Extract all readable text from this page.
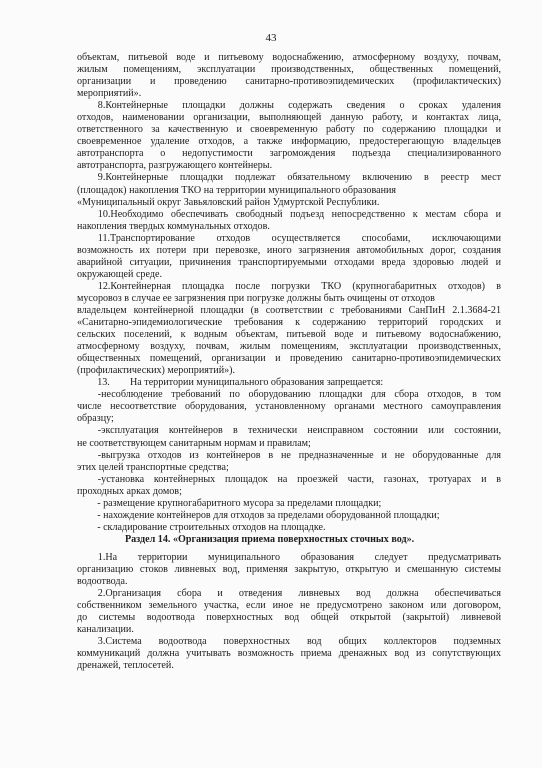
43
объектам, питьевой воде и питьевому водоснабжению, атмосферному воздуху, почвам,
жилым помещениям, эксплуатации производственных, общественных помещений,
организации и проведению санитарно-противоэпидемических (профилактических)
мероприятий».
8.Контейнерные площадки должны содержать сведения о сроках удаления
отходов, наименовании организации, выполняющей данную работу, и контактах лица,
ответственного за качественную и своевременную работу по содержанию площадки и
своевременное удаление отходов, а также информацию, предостерегающую владельцев
автотранспорта о недопустимости загромождения подъезда специализированного
автотранспорта, разгружающего контейнеры.
9.Контейнерные площадки подлежат обязательному включению в реестр мест
(площадок) накопления ТКО на территории муниципального образования
«Муниципальный округ Завьяловский район Удмуртской Республики.
10.Необходимо обеспечивать свободный подъезд непосредственно к местам сбора и
накопления твердых коммунальных отходов.
11.Транспортирование отходов осуществляется способами, исключающими
возможность их потери при перевозке, иного загрязнения автомобильных дорог, создания
аварийной ситуации, причинения транспортируемыми отходами вреда здоровью людей и
окружающей среде.
12.Контейнерная площадка после погрузки ТКО (крупногабаритных отходов) в
мусоровоз в случае ее загрязнения при погрузке должны быть очищены от отходов
владельцем контейнерной площадки (в соответствии с требованиями СанПиН 2.1.3684-21
«Санитарно-эпидемиологические требования к содержанию территорий городских и
сельских поселений, к водным объектам, питьевой воде и питьевому водоснабжению,
атмосферному воздуху, почвам, жилым помещениям, эксплуатации производственных,
общественных помещений, организации и проведению санитарно-противоэпидемических
(профилактических) мероприятий»).
13.        На территории муниципального образования запрещается:
-несоблюдение требований по оборудованию площадки для сбора отходов, в том
числе несоответствие оборудования, установленному органами местного самоуправления
образцу;
-эксплуатация контейнеров в технически неисправном состоянии или состоянии,
не соответствующем санитарным нормам и правилам;
-выгрузка отходов из контейнеров в не предназначенные и не оборудованные для
этих целей транспортные средства;
-установка контейнерных площадок на проезжей части, газонах, тротуарах и в
проходных арках домов;
- размещение крупногабаритного мусора за пределами площадки;
- нахождение контейнеров для отходов за пределами оборудованной площадки;
- складирование строительных отходов на площадке.
Раздел 14. «Организация приема поверхностных сточных вод».
1.На территории муниципального образования следует предусматривать
организацию стоков ливневых вод, применяя закрытую, открытую и смешанную системы
водоотвода.
2.Организация сбора и отведения ливневых вод должна обеспечиваться
собственником земельного участка, если иное не предусмотрено законом или договором,
до системы водоотвода поверхностных вод общей открытой (закрытой) ливневой
канализации.
3.Система водоотвода поверхностных вод общих коллекторов подземных
коммуникаций должна учитывать возможность приема дренажных вод из сопутствующих
дренажей, теплосетей.
